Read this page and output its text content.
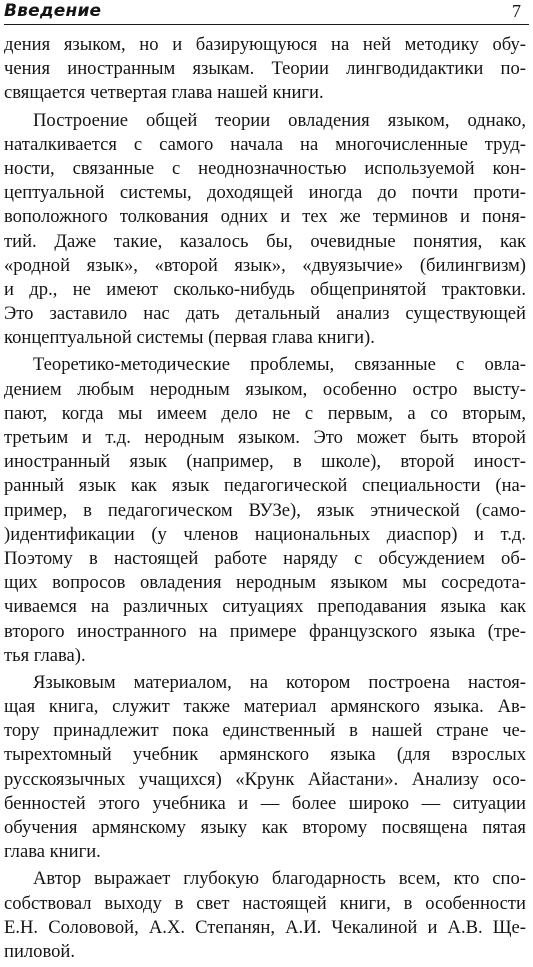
Введение	7
дения языком, но и базирующуюся на ней методику обу-
чения иностранным языкам. Теории лингводидактики по-
свящается четвертая глава нашей книги.
Построение общей теории овладения языком, однако,
наталкивается с самого начала на многочисленные труд-
ности, связанные с неоднозначностью используемой кон-
цептуальной системы, доходящей иногда до почти проти-
воположного толкования одних и тех же терминов и поня-
тий. Даже такие, казалось бы, очевидные понятия, как
«родной язык», «второй язык», «двуязычие» (билингвизм)
и др., не имеют сколько-нибудь общепринятой трактовки.
Это заставило нас дать детальный анализ существующей
концептуальной системы (первая глава книги).
Теоретико-методические проблемы, связанные с овла-
дением любым неродным языком, особенно остро высту-
пают, когда мы имеем дело не с первым, а со вторым,
третьим и т.д. неродным языком. Это может быть второй
иностранный язык (например, в школе), второй иност-
ранный язык как язык педагогической специальности (на-
пример, в педагогическом ВУЗе), язык этнической (само-
)идентификации (у членов национальных диаспор) и т.д.
Поэтому в настоящей работе наряду с обсуждением об-
щих вопросов овладения неродным языком мы сосредота-
чиваемся на различных ситуациях преподавания языка как
второго иностранного на примере французского языка (тре-
тья глава).
Языковым материалом, на котором построена настоя-
щая книга, служит также материал армянского языка. Ав-
тору принадлежит пока единственный в нашей стране че-
тырехтомный учебник армянского языка (для взрослых
русскоязычных учащихся) «Крунк Айастани». Анализу осо-
бенностей этого учебника и — более широко — ситуации
обучения армянскому языку как второму посвящена пятая
глава книги.
Автор выражает глубокую благодарность всем, кто спо-
собствовал выходу в свет настоящей книги, в особенности
Е.Н. Солововой, А.Х. Степанян, А.И. Чекалиной и А.В. Ще-
пиловой.
